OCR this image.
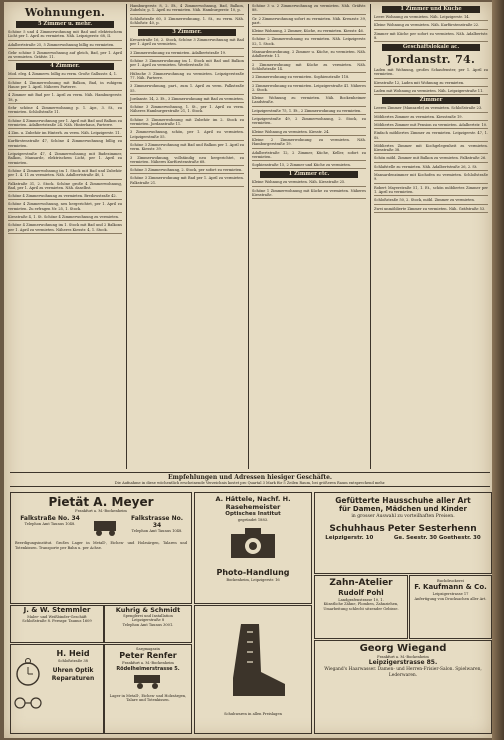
Wohnungen.
5 Zimmer u. mehr.
Schöne 5 und 4 Zimmerwohnung mit Bad und elektrischem Licht per 1. April zu vermieten. Näh. Leipzigerstr. 68, II.
Adalbertstraße 25, 5 Zimmerwohnung billig zu vermieten.
Gehr schöne 5 Zimmerwohnung auf gleich, Bad, per 1. April zu vermieten. Gräfstr. 11.
4 Zimmer.
Mod. eleg. 4 Zimmerw. billig zu verm. Große Gallusstr. 4, 1.
Schöne 4 Zimmerwohnung mit Balkon, Bad, in ruhigem Hause per 1. April. Näheres Parterre.
4 Zimmer mit Bad per 1. April zu verm. Näh. Hamburgerstr. 18, p.
Sehr schöne 4 Zimmerwohnung p. 1. Apr., 3. St., zu vermieten. Schloßstraße 11.
Schöne 4 Zimmerwohnung per 1. April mit Bad und Balkon zu vermieten. Adalbertstraße 24. Näh. Hinterhaus, Parterre.
4 Zim. u. Zubehör im Hinterh. zu verm. Näh. Leipzigerstr. 11.
Kurfürstenstraße 47, Schöne 4 Zimmerwohnung billig zu vermieten.
Leipzigerstraße 47, 4 Zimmerwohnung mit Badezimmer, Balkon, Mansarde, elektrischem Licht, per 1. April zu vermieten.
Schöne 4 Zimmerwohnung im 1. Stock mit Bad und Zubehör per 1. 4. 11 zu vermieten. Näh. Adalbertstraße 40, I.
Falkstraße 31, 2. Stock. Schöne große 4 Zimmerwohnung, Bad, per 1. April zu vermieten. Näh. daselbst.
Schöne 4 Zimmerwohnung zu vermieten. Bredowstraße 42.
Schöne 4 Zimmerwohnung, neu hergerichtet, per 1. April zu vermieten. Zu erfragen Nr. 25, 1. Stock.
Kiesstraße 4, 1. St. Schöne 4 Zimmerwohnung zu vermieten.
Schöne 4 Zimmerwohnung im 1. Stock mit Bad und 2 Balkons per 1. April zu vermieten. Näheres Kiesstr. 4, 1. Stock.
Hamburgerstr. 8, 2. Et., 4 Zimmerwohnung, Bad, Balkon, Zubehör, p. 1. April zu vermieten. Näh. Hamburgerstr. 10, p.
Schloßstraße 60, 5 Zimmerwohnung, 1. St., zu verm. Näh. Schloßstr. 40, p.
3 Zimmer.
Kreuzstraße 16, 2. Stock, Schöne 3 Zimmerwohnung mit Bad per 1. April zu vermieten.
3 Zimmerwohnung zu vermieten. Adalbertstraße 19.
Schöne 3 Zimmerwohnung im 1. Stock mit Bad und Balkon per 1. April zu vermieten. Werderstraße 56.
Hübsche 3 Zimmerwohnung zu vermieten. Leipzigerstraße 77. Näh. Parterre.
3 Zimmerwohnung, part., zum 1. April zu verm. Falkstraße 55.
Jordanstr. 14, 2. Et., 3 Zimmerwohnung mit Bad zu vermieten.
Schöne 3 Zimmerwohnung, 1. St., per 1. April zu verm. Näheres Hamburgerstraße 21, 1. Stock.
Schöne 3 Zimmerwohnung mit Zubehör im 2. Stock zu vermieten. Jordanstraße 11.
3 Zimmerwohnung, schön, per 1. April zu vermieten. Leipzigerstraße 55.
Schöne 3 Zimmerwohnung mit Bad und Balkon per 1. April zu verm. Kiesstr. 39.
3 Zimmerwohnung, vollständig neu hergerichtet, zu vermieten. Näheres Kurfürstenstraße 68.
Schöne 3 Zimmerwohnung, 2. Stock, per sofort zu vermieten.
Schöne 3 Zimmerwohnung mit Bad per 1. April zu vermieten. Falkstraße 21.
Schöne 3 u. 2 Zimmerwohnung zu vermieten. Näh. Gräfstr. 88.
Gr. 2 Zimmerwohnung sofort zu vermieten. Näh. Kreuzstr. 39, part.
Kleine Wohnung, 2 Zimmer, Küche, zu vermieten. Kiesstr. 46.
Schöne 2 Zimmerwohnung zu vermieten. Näh. Leipzigerstr. 52, 1. Stock.
Mansardenwohnung, 2 Zimmer u. Küche, zu vermieten. Näh. Adalbertstr. 11.
2 Zimmerwohnung mit Küche zu vermieten. Näh. Schloßstraße 14.
2 Zimmerwohnung zu vermieten. Sophienstraße 118.
2 Zimmerwohnung zu vermieten. Leipzigerstraße 41. Näheres 2. Stock.
Kleine Wohnung zu vermieten. Näh. Bockenheimer Landstraße.
Leipzigerstraße 75, 1. Et., 2 Zimmerwohnung zu vermieten.
Leipzigerstraße 49, 2 Zimmerwohnung, 2. Stock, zu vermieten.
Kleine Wohnung zu vermieten. Kiesstr. 24.
Kleine 2 Zimmerwohnung zu vermieten. Näh. Hamburgerstraße 19.
Adalbertstraße 12, 2 Zimmer, Küche, Keller, sofort zu vermieten.
Sophienstraße 15, 2 Zimmer und Küche zu vermieten.
1 Zimmer etc.
Kleine Wohnung zu vermieten. Näh. Kiesstraße 25.
Schöne 1 Zimmerwohnung mit Küche zu vermieten. Näheres Kiesstraße.
1 Zimmer und Küche
Leere Wohnung zu vermieten. Näh. Leipzigerstr. 14.
Kleine Wohnung zu vermieten. Näh. Kurfürstenstraße 22.
Zimmer mit Küche per sofort zu vermieten. Näh. Adalbertstr. 8.
Geschäftslokale ac.
Jordanstr. 74.
Laden mit Wohnung, großes Schaufenster, per 1. April zu vermieten.
Kiesstraße 12, Laden mit Wohnung zu vermieten.
Laden mit Wohnung zu vermieten. Näh. Leipzigerstraße 11.
Zimmer
Leeres Zimmer (Mansarde) zu vermieten. Schloßstraße 23.
Möbliertes Zimmer zu vermieten. Kiesstraße 19.
Möbliertes Zimmer mit Pension zu vermieten. Adalbertstr. 10.
Einfach möbliertes Zimmer zu vermieten. Leipzigerstr. 47, 1. St.
Möbliertes Zimmer mit Kochgelegenheit zu vermieten. Kiesstraße 38.
Schön möbl. Zimmer mit Balkon zu vermieten. Falkstraße 26.
Schlafstelle zu vermieten. Näh. Adalbertstraße 26, 2. St.
Mansardenzimmer mit Kochofen zu vermieten. Schloßstraße 9.
Robert Mayerstraße 51, 1. Et., schön möbliertes Zimmer per 1. April zu vermieten.
Schloßstraße 50, 2. Stock, möbl. Zimmer zu vermieten.
Zwei unmöblierte Zimmer zu vermieten. Näh. Gräfstraße 53.
Empfehlungen und Adressen hiesiger Geschäfte.
Die Aufnahme in diese wöchentlich erscheinende Verzeichnis kostet pro Quartal 3 Mark für 5 Zeilen Raum, bei größeren Raum entsprechend mehr.
Pietät A. Meyer
Frankfurt a. M.-Bockenheim
Falkstraße No. 34
Telephon Amt Taunus 1048.
Falkstrasse No. 34
Telephon Amt Taunus 1048.
Beerdigungsinstitut. Großes Lager in Metall-, Eichen- und Holzsärgen, Talaren und Totenkissen. Transporte per Bahn u. per Achse.
J. & W. Stemmler
Maler- und Weißbinder-Geschäft
Schloßstraße 8. Fernspr. Taunus 1609
Kuhrig & Schmidt
Spenglerei und Installation
Leipzigerstraße 8
Telephon Amt Taunus 3001.
H. Heid
Schloßstraße 38
Uhren Optik Reparaturen
Sargmagazin
Peter Renfer
Frankfurt a. M.-Bockenheim
Rödelheimerstrasse 5.
Lager in Metall-, Eichen- und Holzsärgen, Talare und Totenkissen.
A. Hättele, Nachf. H. Rasehemeister
Optisches Institut
gegründet 1883.
Photo-Handlung
Bockenheim, Leipzigerstr. 16
Schuhwaren in allen Preislagen
Gefütterte Hausschuhe aller Art
für Damen, Mädchen und Kinder
in grosser Auswahl zu vorteilhaften Preisen.
Schuhhaus Peter Sesterhenn
Leipzigerstr. 10	Ge. Seestr. 30 Goethestr. 30
Zahn-Atelier
Rudolf Pohl
Landgrafenstrasse 10, 1.
Künstliche Zähne, Plomben, Zahnziehen, Umarbeitung schlecht sitzender Gebisse.
Buchdruckerei
F. Kaufmann & Co.
Leipzigerstrasse 17
Anfertigung von Drucksachen aller Art.
Georg Wiegand
Frankfurt a. M.-Bockenheim
Leipzigerstrasse 85.
Wiegand's Haarwasser. Damen- und Herren-Frisier-Salon. Spielwaren, Lederwaren.
